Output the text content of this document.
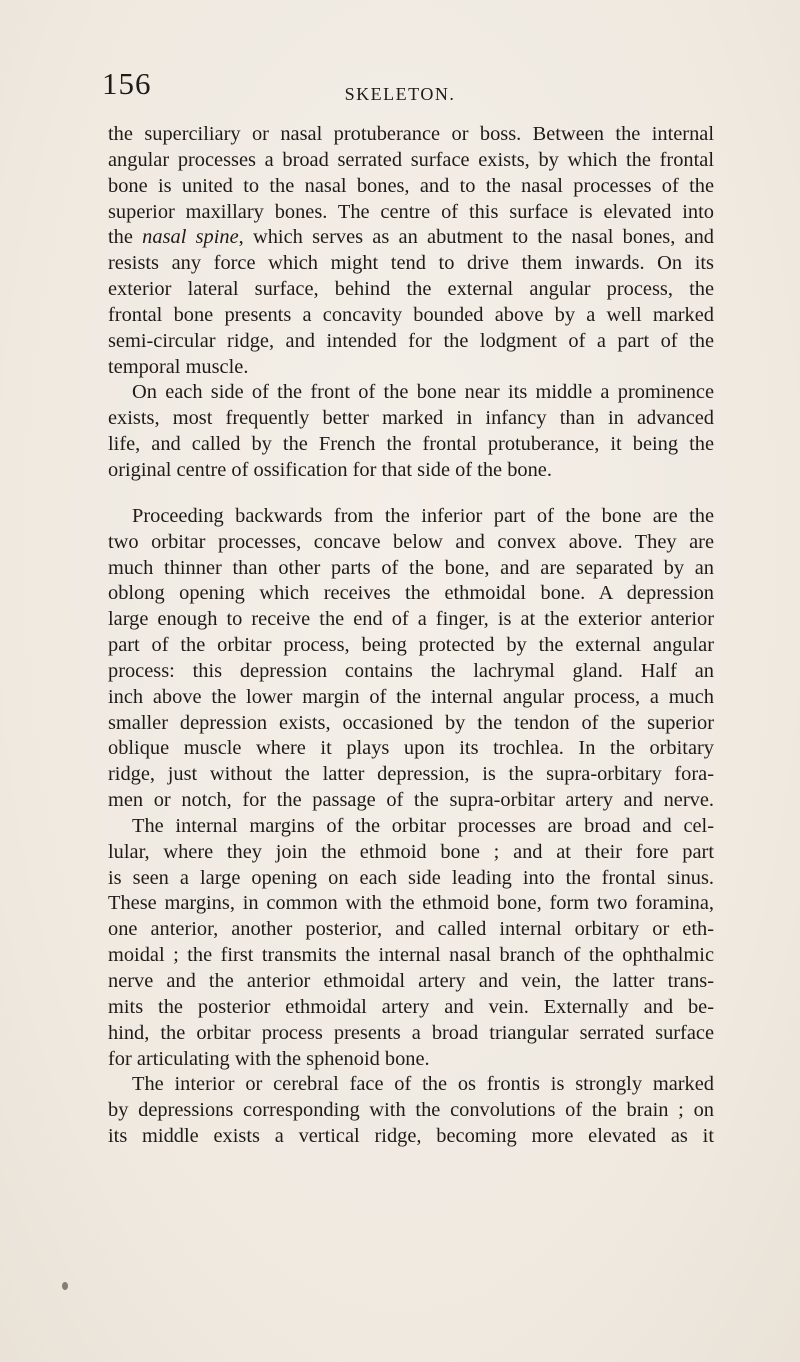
156	SKELETON.
the superciliary or nasal protuberance or boss. Between the internal
angular processes a broad serrated surface exists, by which the frontal
bone is united to the nasal bones, and to the nasal processes of the
superior maxillary bones. The centre of this surface is elevated into
the nasal spine, which serves as an abutment to the nasal bones, and
resists any force which might tend to drive them inwards. On its
exterior lateral surface, behind the external angular process, the
frontal bone presents a concavity bounded above by a well marked
semi-circular ridge, and intended for the lodgment of a part of the
temporal muscle.
On each side of the front of the bone near its middle a prominence
exists, most frequently better marked in infancy than in advanced
life, and called by the French the frontal protuberance, it being the
original centre of ossification for that side of the bone.
Proceeding backwards from the inferior part of the bone are the
two orbitar processes, concave below and convex above. They are
much thinner than other parts of the bone, and are separated by an
oblong opening which receives the ethmoidal bone. A depression
large enough to receive the end of a finger, is at the exterior anterior
part of the orbitar process, being protected by the external angular
process: this depression contains the lachrymal gland. Half an
inch above the lower margin of the internal angular process, a much
smaller depression exists, occasioned by the tendon of the superior
oblique muscle where it plays upon its trochlea. In the orbitary
ridge, just without the latter depression, is the supra-orbitary fora-
men or notch, for the passage of the supra-orbitar artery and nerve.
The internal margins of the orbitar processes are broad and cel-
lular, where they join the ethmoid bone ; and at their fore part
is seen a large opening on each side leading into the frontal sinus.
These margins, in common with the ethmoid bone, form two foramina,
one anterior, another posterior, and called internal orbitary or eth-
moidal ; the first transmits the internal nasal branch of the ophthalmic
nerve and the anterior ethmoidal artery and vein, the latter trans-
mits the posterior ethmoidal artery and vein. Externally and be-
hind, the orbitar process presents a broad triangular serrated surface
for articulating with the sphenoid bone.
The interior or cerebral face of the os frontis is strongly marked
by depressions corresponding with the convolutions of the brain ; on
its middle exists a vertical ridge, becoming more elevated as it
